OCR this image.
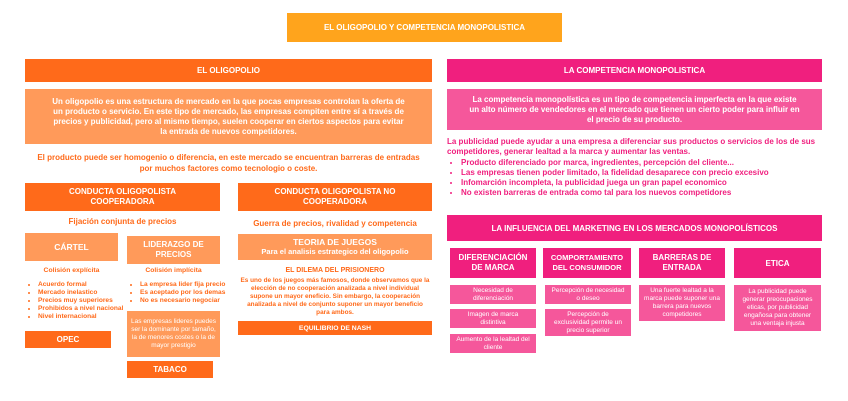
EL OLIGOPOLIO Y COMPETENCIA MONOPOLISTICA
EL OLIGOPOLIO
Un oligopolio es una estructura de mercado en la que pocas empresas controlan la oferta de un producto o servicio. En este tipo de mercado, las empresas compiten entre sí a través de precios y publicidad, pero al mismo tiempo, suelen cooperar en ciertos aspectos para evitar la entrada de nuevos competidores.
El producto puede ser homogenio o diferencia, en este mercado se encuentran barreras de entradas por muchos factores como tecnologio o coste.
CONDUCTA OLIGOPOLISTA COOPERADORA
Fijación conjunta de precios
CÁRTEL
Colisión explícita
• Acuerdo formal
• Mercado inelastico
• Precios muy superiores
• Prohibidos a nivel nacional
• Nivel internacional
OPEC
LIDERAZGO DE PRECIOS
Colisión implícita
• La empresa lider fija precio
• Es aceptado por los demas
• No es necesario negociar
Las empresas lideres puedes ser la dominante por tamaño, la de menores costes o la de mayor prestigio
TABACO
CONDUCTA OLIGOPOLISTA NO COOPERADORA
Guerra de precios, rivalidad y competencia
TEORIA DE JUEGOS
Para el analisis estrategico del oligopolio
EL DILEMA DEL PRISIONERO
Es uno de los juegos más famosos, donde observamos que la elección de no cooperación analizada a nivel individual supone un mayor eneficio. Sin embargo, la cooperación analizada a nivel de conjunto suponer un mayor beneficio para ambos.
EQUILIBRIO DE NASH
LA COMPETENCIA MONOPOLISTICA
La competencia monopolística es un tipo de competencia imperfecta en la que existe un alto número de vendedores en el mercado que tienen un cierto poder para influir en el precio de su producto.
La publicidad puede ayudar a una empresa a diferenciar sus productos o servicios de los de sus competidores, generar lealtad a la marca y aumentar las ventas.
• Producto diferenciado por marca, ingredientes, percepción del cliente...
• Las empresas tienen poder limitado, la fidelidad desaparece con precio excesivo
• Infomarción incompleta, la publicidad juega un gran papel economico
• No existen barreras de entrada como tal para los nuevos competidores
LA INFLUENCIA DEL MARKETING EN LOS MERCADOS MONOPOLÍSTICOS
DIFERENCIACIÓN DE MARCA
Necesidad de diferenciación
Imagen de marca distintiva
Aumento de la lealtad del cliente
COMPORTAMIENTO DEL CONSUMIDOR
Percepción de necesidad o deseo
Percepción de exclusividad permite un precio superior
BARRERAS DE ENTRADA
Una fuerte lealtad a la marca puede suponer una barrera para nuevos competidores
ETICA
La publicidad puede generar preocupaciones eticas, por publicidad engañosa para obtener una ventaja injusta
